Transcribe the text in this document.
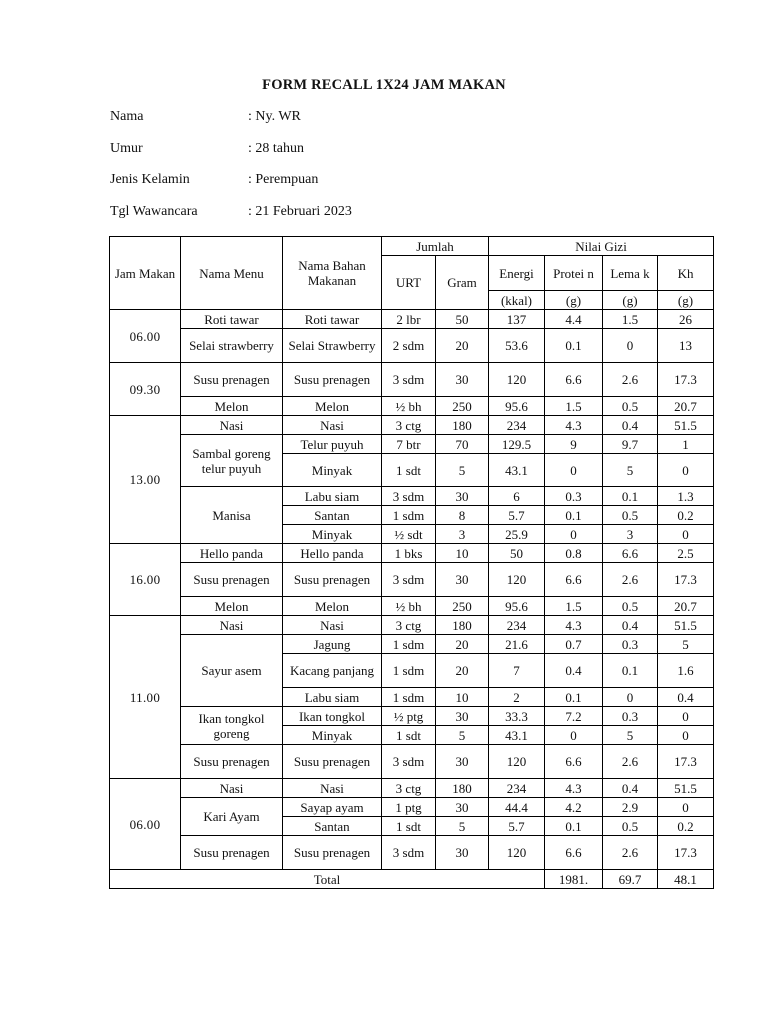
FORM RECALL 1X24 JAM MAKAN
Nama	: Ny. WR
Umur	: 28 tahun
Jenis Kelamin	: Perempuan
Tgl Wawancara	: 21 Februari 2023
Jam Makan	Nama Menu	Nama Bahan Makanan	Jumlah		Nilai Gizi				
			URT	Gram	Energi	Protei n	Lema k	Kh	
					(kkal)	(g)	(g)	(g)	
06.00	Roti tawar	Roti tawar	2 lbr	50	137	4.4	1.5	26	
	Selai strawberry	Selai Strawberry	2 sdm	20	53.6	0.1	0	13	
09.30	Susu prenagen	Susu prenagen	3 sdm	30	120	6.6	2.6	17.3	
	Melon	Melon	½ bh	250	95.6	1.5	0.5	20.7	
13.00	Nasi	Nasi	3 ctg	180	234	4.3	0.4	51.5	
	Sambal goreng telur puyuh	Telur puyuh	7 btr	70	129.5	9	9.7	1	
		Minyak	1 sdt	5	43.1	0	5	0	
	Manisa	Labu siam	3 sdm	30	6	0.3	0.1	1.3	
		Santan	1 sdm	8	5.7	0.1	0.5	0.2	
		Minyak	½ sdt	3	25.9	0	3	0	
16.00	Hello panda	Hello panda	1 bks	10	50	0.8	6.6	2.5	
	Susu prenagen	Susu prenagen	3 sdm	30	120	6.6	2.6	17.3	
	Melon	Melon	½ bh	250	95.6	1.5	0.5	20.7	
11.00	Nasi	Nasi	3 ctg	180	234	4.3	0.4	51.5	
	Sayur asem	Jagung	1 sdm	20	21.6	0.7	0.3	5	
		Kacang panjang	1 sdm	20	7	0.4	0.1	1.6	
		Labu siam	1 sdm	10	2	0.1	0	0.4	
	Ikan tongkol goreng	Ikan tongkol	½ ptg	30	33.3	7.2	0.3	0	
		Minyak	1 sdt	5	43.1	0	5	0	
	Susu prenagen	Susu prenagen	3 sdm	30	120	6.6	2.6	17.3	
06.00	Nasi	Nasi	3 ctg	180	234	4.3	0.4	51.5	
	Kari Ayam	Sayap ayam	1 ptg	30	44.4	4.2	2.9	0	
		Santan	1 sdt	5	5.7	0.1	0.5	0.2	
	Susu prenagen	Susu prenagen	3 sdm	30	120	6.6	2.6	17.3	
Total						1981.	69.7	48.1	
